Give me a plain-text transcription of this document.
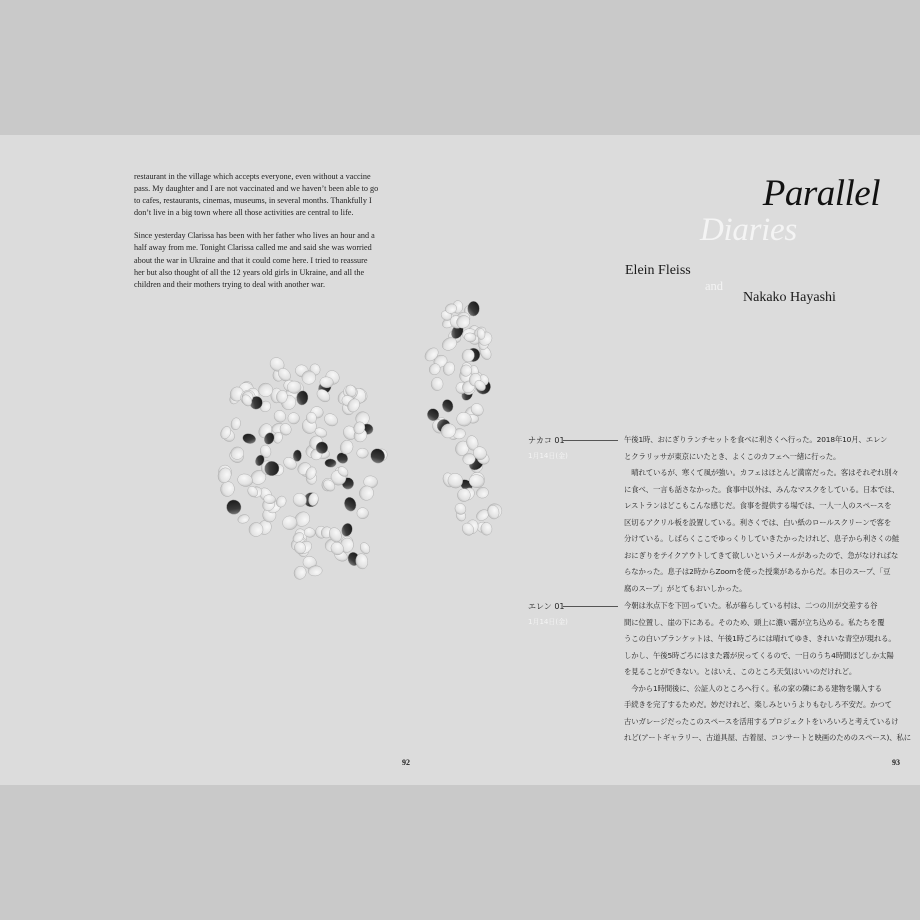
restaurant in the village which accepts everyone, even without a vaccine
pass. My daughter and I are not vaccinated and we haven’t been able to go
to cafes, restaurants, cinemas, museums, in several months. Thankfully I
don’t live in a big town where all those activities are central to life.

Since yesterday Clarissa has been with her father who lives an hour and a
half away from me. Tonight Clarissa called me and said she was worried
about the war in Ukraine and that it could come here. I tried to reassure
her but also thought of all the 12 years old girls in Ukraine, and all the
children and their mothers trying to deal with another war.

Parallel
Diaries
Elein Fleiss
and
Nakako Hayashi
ナカコ 01
1月14日(金)

午後1時、おにぎりランチセットを食べに利さくへ行った。2018年10月、エレン

とクラリッサが東京にいたとき、よくこのカフェへ一緒に行った。

　晴れているが、寒くて風が強い。カフェはほとんど満席だった。客はそれぞれ別々

に食べ、一言も話さなかった。食事中以外は、みんなマスクをしている。日本では、

レストランはどこもこんな感じだ。食事を提供する場では、一人一人のスペースを

区切るアクリル板を設置している。利さくでは、白い紙のロールスクリーンで客を

分けている。しばらくここでゆっくりしていきたかったけれど、息子から利さくの鮭

おにぎりをテイクアウトしてきて欲しいというメールがあったので、急がなければな

らなかった。息子は2時からZoomを使った授業があるからだ。本日のスープ、「豆

腐のスープ」がとてもおいしかった。

エレン 01
1月14日(金)

今朝は氷点下を下回っていた。私が暮らしている村は、二つの川が交差する谷

間に位置し、崖の下にある。そのため、頭上に濃い霧が立ち込める。私たちを覆

うこの白いブランケットは、午後1時ごろには晴れてゆき、きれいな青空が現れる。

しかし、午後5時ごろにはまた霧が戻ってくるので、一日のうち4時間ほどしか太陽

を見ることができない。とはいえ、このところ天気はいいのだけれど。

　今から1時間後に、公証人のところへ行く。私の家の隣にある建物を購入する

手続きを完了するためだ。妙だけれど、楽しみというよりもむしろ不安だ。かつて

古いガレージだったこのスペースを活用するプロジェクトをいろいろと考えているけ

れど(アートギャラリー、古道具屋、古着屋、コンサートと映画のためのスペース)、私に

92	93
